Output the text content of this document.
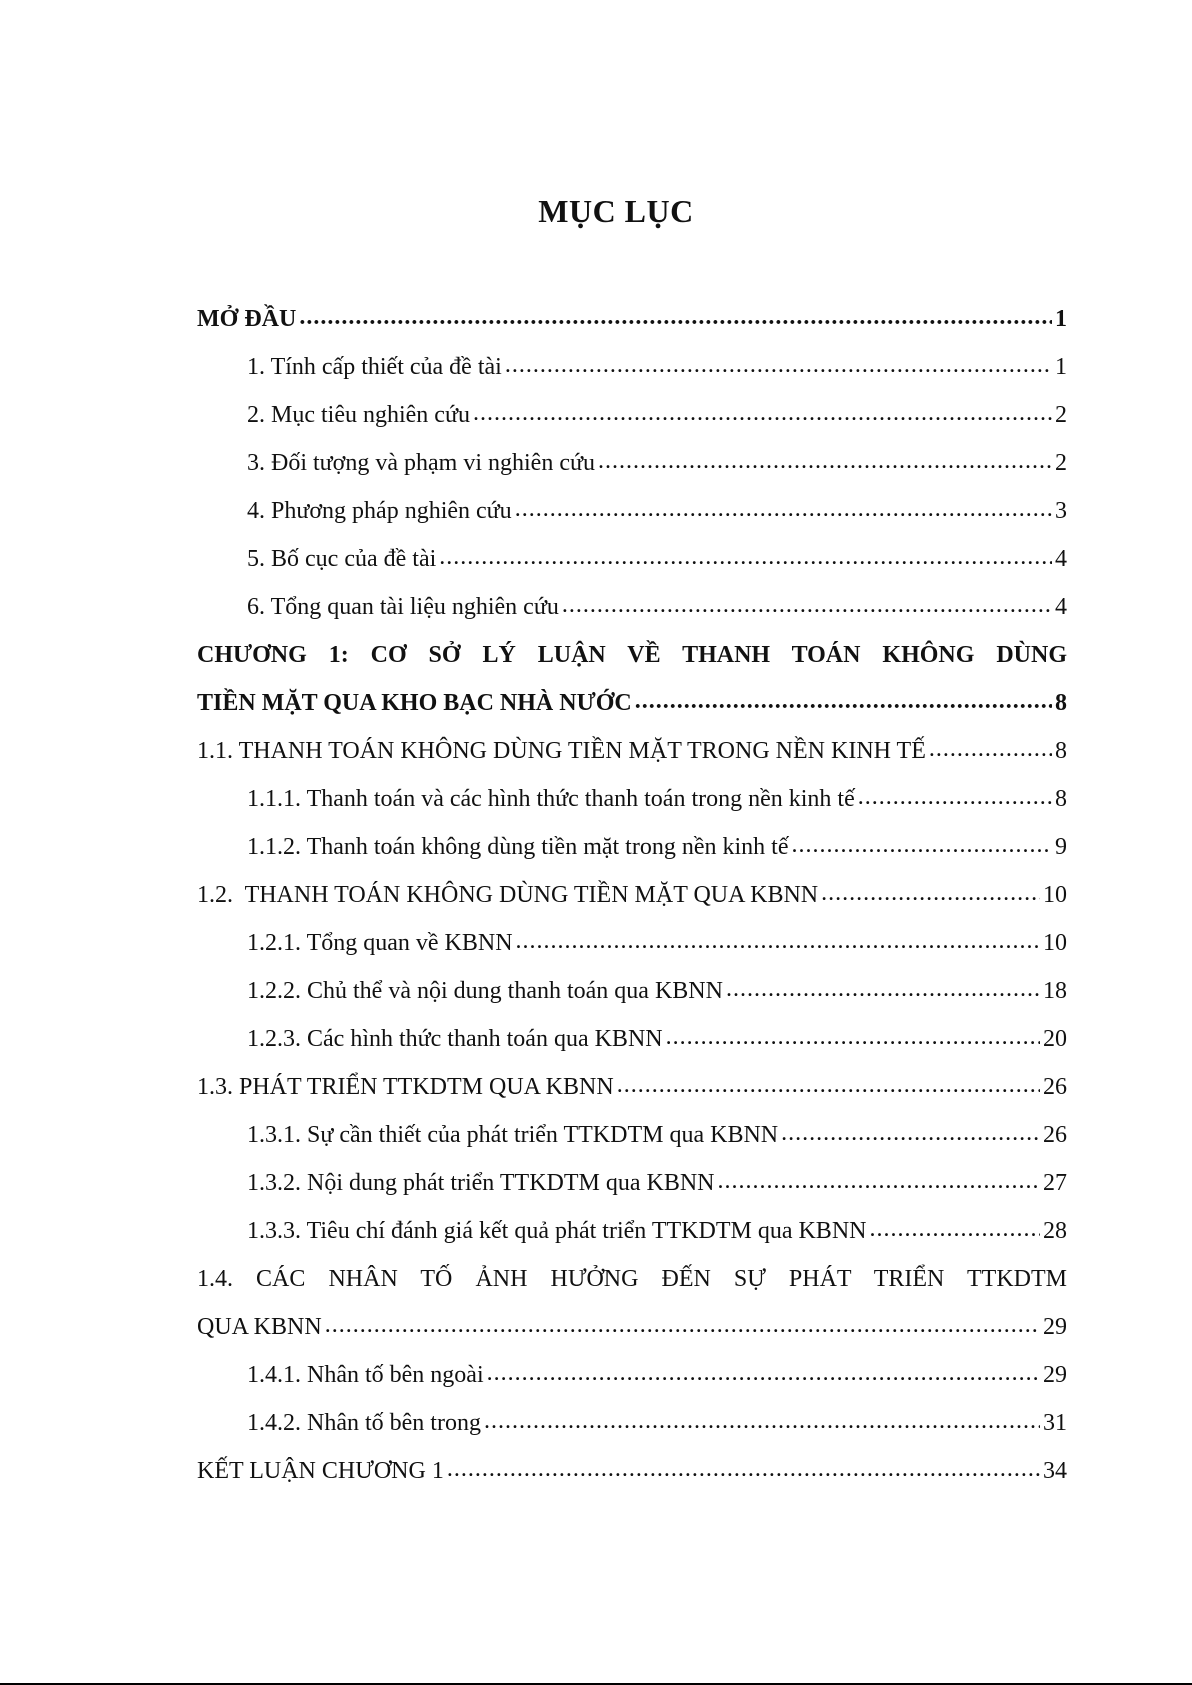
MỤC LỤC
MỞ ĐẦU .....	1
1. Tính cấp thiết của đề tài .....	1
2. Mục tiêu nghiên cứu .....	2
3. Đối tượng và phạm vi nghiên cứu .....	2
4. Phương pháp nghiên cứu .....	3
5. Bố cục của đề tài .....	4
6. Tổng quan tài liệu nghiên cứu .....	4
CHƯƠNG 1: CƠ SỞ LÝ LUẬN VỀ THANH TOÁN KHÔNG DÙNG
TIỀN MẶT QUA KHO BẠC NHÀ NƯỚC .....	8
1.1. THANH TOÁN KHÔNG DÙNG TIỀN MẶT TRONG NỀN KINH TẾ .....	8
1.1.1. Thanh toán và các hình thức thanh toán trong nền kinh tế .....	8
1.1.2. Thanh toán không dùng tiền mặt trong nền kinh tế .....	9
1.2.  THANH TOÁN KHÔNG DÙNG TIỀN MẶT QUA KBNN .....	10
1.2.1. Tổng quan về KBNN .....	10
1.2.2. Chủ thể và nội dung thanh toán qua KBNN .....	18
1.2.3. Các hình thức thanh toán qua KBNN .....	20
1.3. PHÁT TRIỂN TTKDTM QUA KBNN .....	26
1.3.1. Sự cần thiết của phát triển TTKDTM qua KBNN .....	26
1.3.2. Nội dung phát triển TTKDTM qua KBNN .....	27
1.3.3. Tiêu chí đánh giá kết quả phát triển TTKDTM qua KBNN .....	28
1.4. CÁC NHÂN TỐ ẢNH HƯỞNG ĐẾN SỰ PHÁT TRIỂN TTKDTM
QUA KBNN .....	29
1.4.1. Nhân tố bên ngoài .....	29
1.4.2. Nhân tố bên trong .....	31
KẾT LUẬN CHƯƠNG 1 .....	34
